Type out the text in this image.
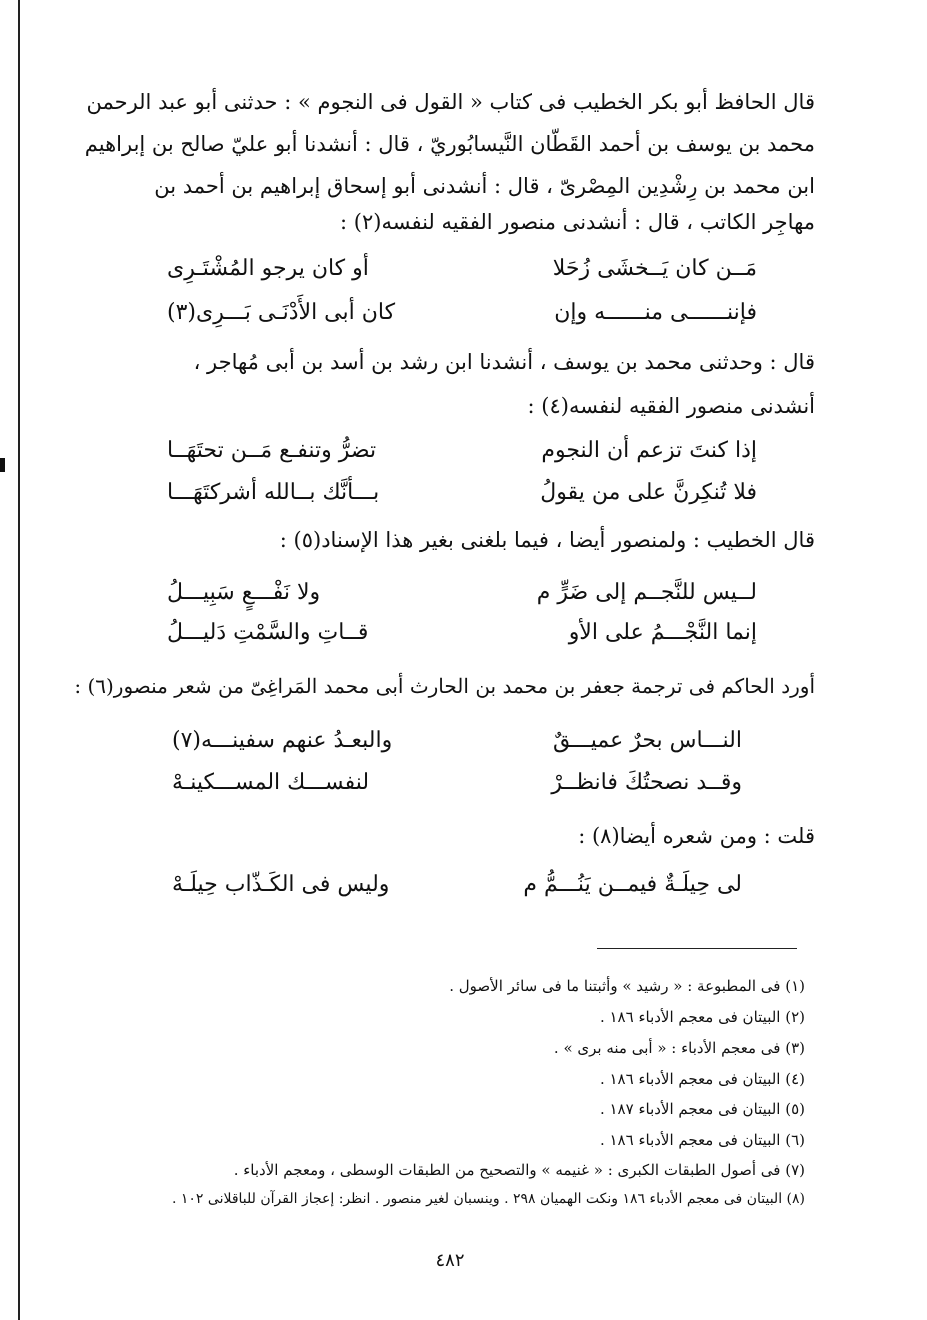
قال الحافظ أبو بكر الخطيب فى كتاب « القول فى النجوم » : حدثنى أبو عبد الرحمن
محمد بن يوسف بن أحمد القَطّان النَّيسابُوريّ ، قال : أنشدنا أبو عليّ صالح بن إبراهيم
ابن محمد بن رِشْدِين المِصْرىّ ، قال : أنشدنى أبو إسحاق إبراهيم بن أحمد بن
مهاجِر الكاتب ، قال : أنشدنى منصور الفقيه لنفسه(٢) :
مَــن كان يَــخشَى زُحَلا
أو كان يرجو المُشْتَـرِى
فإننــــــى منــــــه وإن
كان أبى الأَدْنَـى بَـــرِى(٣)
قال : وحدثنى محمد بن يوسف ، أنشدنا ابن رشد بن أسد بن أبى مُهاجر ،
أنشدنى منصور الفقيه لنفسه(٤) :
إذا كنتَ تزعم أن النجوم
تضرُّ وتنفـع مَــن تحتَهَــا
فلا تُنكِرنَّ على من يقولُ
بـــأنَّك بــالله أشركتَهَـــا
قال الخطيب : ولمنصور أيضا ، فيما بلغنى بغير هذا الإسناد(٥) :
لــيس للنَّجــم إلى ضَرٍّ م
ولا نَفْـــعٍ سَبِيـــلُ
إنما النَّجْـــمُ على الأو
قــاتِ والسَّمْتِ دَليـــلُ
أورد الحاكم فى ترجمة جعفر بن محمد بن الحارث أبى محمد المَراغِىّ من شعر منصور(٦) :
النـــاس بحرٌ عميـــقٌ
والبعـدُ عنهم سفينـــه(٧)
وقــد نصحتُكَ فانظــرْ
لنفســـك المســـكينـهْ
قلت : ومن شعره أيضا(٨) :
لى حِيلَـةٌ فيمــن يَنُـــمُّ م
وليس فى الكَـذّاب حِيلَـهْ
(١) فى المطبوعة : « رشيد » وأثبتنا ما فى سائر الأصول .
(٢) البيتان فى معجم الأدباء ١٨٦ .
(٣) فى معجم الأدباء : « أبى منه برى » .
(٤) البيتان فى معجم الأدباء ١٨٦ .
(٥) البيتان فى معجم الأدباء ١٨٧ .
(٦) البيتان فى معجم الأدباء ١٨٦ .
(٧) فى أصول الطبقات الكبرى : « غنيمه » والتصحيح من الطبقات الوسطى ، ومعجم الأدباء .
(٨) البيتان فى معجم الأدباء ١٨٦ ونكت الهميان ٢٩٨ . وينسبان لغير منصور . انظر: إعجاز القرآن للباقلانى ١٠٢ .
٤٨٢
